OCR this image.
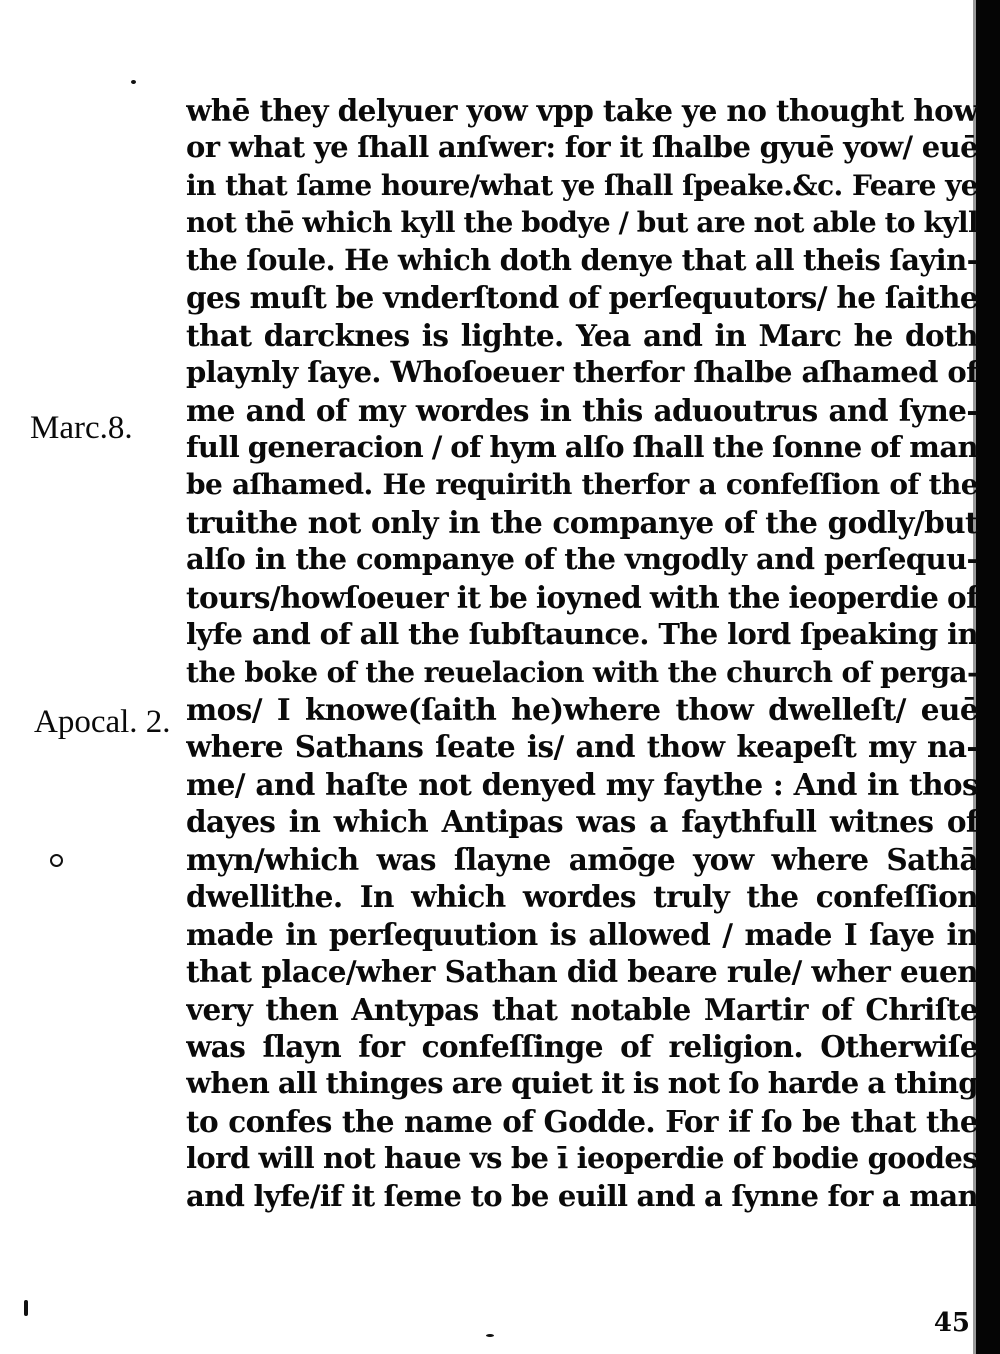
Marc.8.
Apocal. 2.
whē they delyuer yow vpp take ye no thought how
or what ye ſhall anſwer: for it ſhalbe gyuē yow/ euē
in that ſame houre/what ye ſhall ſpeake.&c. Feare ye
not thē which kyll the bodye / but are not able to kyll
the ſoule. He which doth denye that all theis ſayin-
ges muſt be vnderſtond of perſequutors/ he ſaithe
that darcknes is lighte. Yea and in Marc he doth
playnly ſaye. Whoſoeuer therfor ſhalbe aſhamed of
me and of my wordes in this aduoutrus and ſyne-
full generacion / of hym alſo ſhall the ſonne of man
be aſhamed. He requirith therfor a confeſſion of the
truithe not only in the companye of the godly/but
alſo in the companye of the vngodly and perſequu-
tours/howſoeuer it be ioyned with the ieoperdie of
lyfe and of all the ſubſtaunce. The lord ſpeaking in
the boke of the reuelacion with the church of perga-
mos/ I knowe(ſaith he)where thow dwelleſt/ euē
where Sathans ſeate is/ and thow keapeſt my na-
me/ and haſte not denyed my faythe : And in thos
dayes in which Antipas was a faythfull witnes of
myn/which was ſlayne amōge yow where Sathā
dwellithe. In which wordes truly the confeſſion
made in perſequution is allowed / made I ſaye in
that place/wher Sathan did beare rule/ wher euen
very then Antypas that notable Martir of Chriſte
was ſlayn for confeſſinge of religion. Otherwiſe
when all thinges are quiet it is not ſo harde a thing
to confes the name of Godde. For if ſo be that the
lord will not haue vs be ī ieoperdie of bodie goodes
and lyfe/if it ſeme to be euill and a ſynne for a man
45
